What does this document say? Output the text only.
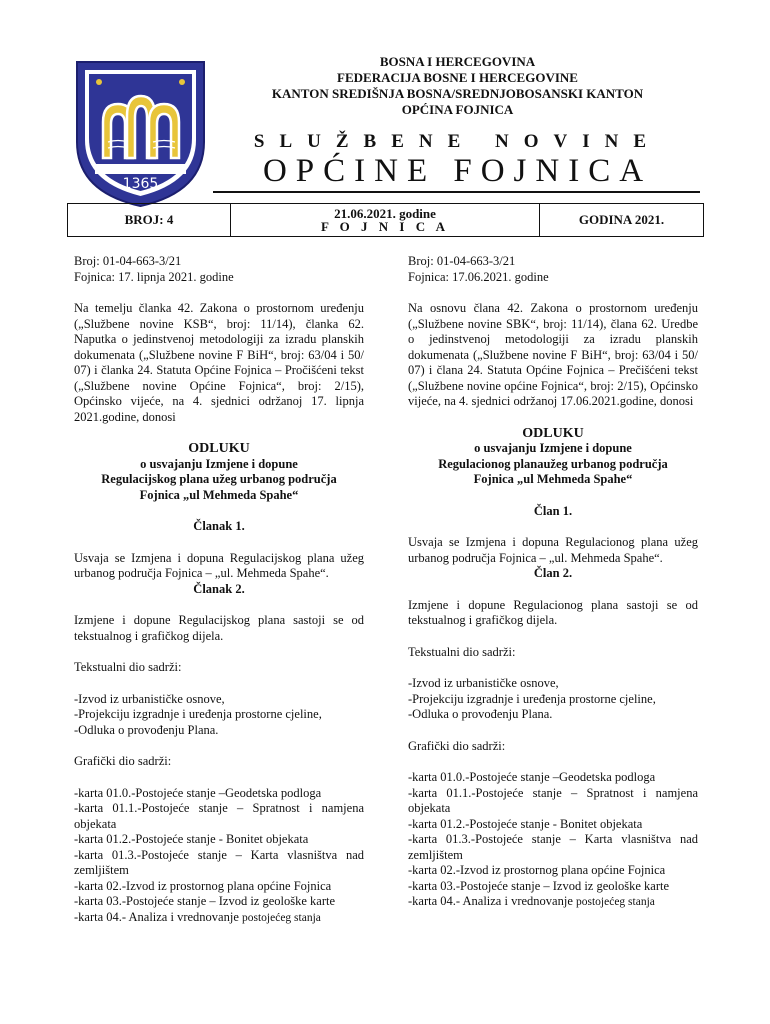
1365
BOSNA I HERCEGOVINA
FEDERACIJA BOSNE I HERCEGOVINE
KANTON SREDIŠNJA BOSNA/SREDNJOBOSANSKI KANTON
OPĆINA FOJNICA
SLUŽBENE NOVINE
OPĆINE FOJNICA
BROJ: 4	21.06.2021. godine
F O J N I C A	GODINA 2021.

Broj: 01-04-663-3/21

Fojnica: 17. lipnja 2021. godine

Na temelju članka 42. Zakona o prostornom uređenju („Službene novine KSB“, broj: 11/14), članka 62. Naputka o jedinstvenoj metodologiji za izradu planskih dokumenata („Službene novine F BiH“, broj: 63/04 i 50/ 07) i članka 24. Statuta Općine Fojnica – Pročišćeni tekst („Službene novine Općine Fojnica“, broj: 2/15), Općinsko vijeće, na 4. sjednici održanoj 17. lipnja 2021.godine, donosi

ODLUKU

o usvajanju Izmjene i dopune

Regulacijskog plana užeg urbanog područja

Fojnica „ul Mehmeda Spahe“

Članak 1.

Usvaja se Izmjena i dopuna Regulacijskog plana užeg urbanog područja Fojnica – „ul. Mehmeda Spahe“.

Članak 2.

Izmjene i dopune Regulacijskog plana sastoji se od tekstualnog i grafičkog dijela.

Tekstualni dio sadrži:

-Izvod iz urbanističke osnove,

-Projekciju izgradnje i uređenja prostorne cjeline,

-Odluka o provođenju Plana.

Grafički dio sadrži:

-karta 01.0.-Postojeće stanje –Geodetska podloga

-karta 01.1.-Postojeće stanje – Spratnost i namjena objekata

-karta 01.2.-Postojeće stanje - Bonitet objekata

-karta 01.3.-Postojeće stanje – Karta vlasništva nad zemljištem

-karta 02.-Izvod iz prostornog plana općine Fojnica

-karta 03.-Postojeće stanje – Izvod iz geološke karte

-karta 04.- Analiza i vrednovanje postojećeg stanja

Broj: 01-04-663-3/21

Fojnica: 17.06.2021. godine

Na osnovu člana 42. Zakona o prostornom uređenju („Službene novine SBK“, broj: 11/14), člana 62. Uredbe o jedinstvenoj metodologiji za izradu planskih dokumenata („Službene novine F BiH“, broj: 63/04 i 50/ 07) i člana 24. Statuta Općine Fojnica – Prečišćeni tekst („Službene novine općine Fojnica“, broj: 2/15), Općinsko vijeće, na 4. sjednici održanoj 17.06.2021.godine, donosi

ODLUKU

o usvajanju Izmjene i dopune

Regulacionog planaužeg urbanog područja

Fojnica „ul Mehmeda Spahe“

Član 1.

Usvaja se Izmjena i dopuna Regulacionog plana užeg urbanog područja Fojnica – „ul. Mehmeda Spahe“.

Član 2.

Izmjene i dopune Regulacionog plana sastoji se od tekstualnog i grafičkog dijela.

Tekstualni dio sadrži:

-Izvod iz urbanističke osnove,

-Projekciju izgradnje i uređenja prostorne cjeline,

-Odluka o provođenju Plana.

Grafički dio sadrži:

-karta 01.0.-Postojeće stanje –Geodetska podloga

-karta 01.1.-Postojeće stanje – Spratnost i namjena objekata

-karta 01.2.-Postojeće stanje - Bonitet objekata

-karta 01.3.-Postojeće stanje – Karta vlasništva nad zemljištem

-karta 02.-Izvod iz prostornog plana općine Fojnica

-karta 03.-Postojeće stanje – Izvod iz geološke karte

-karta 04.- Analiza i vrednovanje postojećeg stanja
